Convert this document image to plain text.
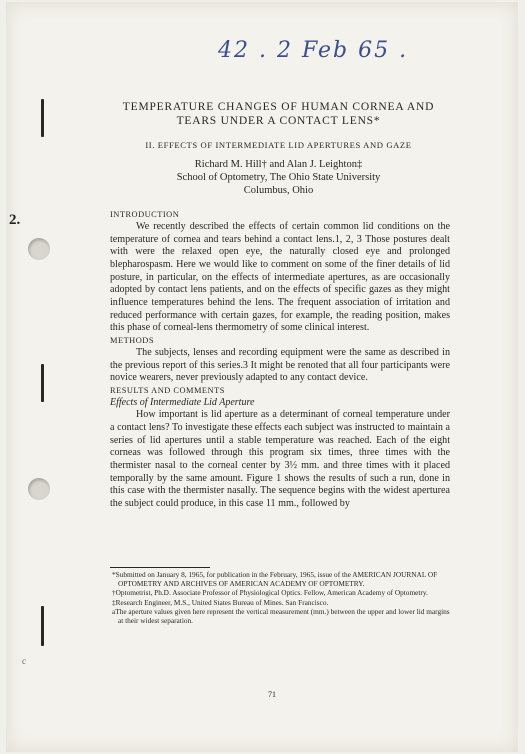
2.
c
42 . 2 Feb 65 .
TEMPERATURE CHANGES OF HUMAN CORNEA AND TEARS UNDER A CONTACT LENS*
II. EFFECTS OF INTERMEDIATE LID APERTURES AND GAZE
Richard M. Hill† and Alan J. Leighton‡
School of Optometry, The Ohio State University
Columbus, Ohio
INTRODUCTION

We recently described the effects of certain common lid conditions on the temperature of cornea and tears behind a contact lens.1, 2, 3 Those postures dealt with were the relaxed open eye, the naturally closed eye and prolonged blepharospasm. Here we would like to comment on some of the finer details of lid posture, in particular, on the effects of intermediate apertures, as are occasionally adopted by contact lens patients, and on the effects of specific gazes as they might influence temperatures behind the lens. The frequent association of irritation and reduced performance with certain gazes, for example, the reading position, makes this phase of corneal-lens thermometry of some clinical interest.

METHODS

The subjects, lenses and recording equipment were the same as described in the previous report of this series.3 It might be renoted that all four participants were novice wearers, never previously adapted to any contact device.

RESULTS AND COMMENTS
Effects of Intermediate Lid Aperture

How important is lid aperture as a determinant of corneal temperature under a contact lens? To investigate these effects each subject was instructed to maintain a series of lid apertures until a stable temperature was reached. Each of the eight corneas was followed through this program six times, three times with the thermister nasal to the corneal center by 3½ mm. and three times with it placed temporally by the same amount. Figure 1 shows the results of such a run, done in this case with the thermister nasally. The sequence begins with the widest aperturea the subject could produce, in this case 11 mm., followed by

*Submitted on January 8, 1965, for publication in the February, 1965, issue of the AMERICAN JOURNAL OF OPTOMETRY AND ARCHIVES OF AMERICAN ACADEMY OF OPTOMETRY.

†Optometrist, Ph.D. Associate Professor of Physiological Optics. Fellow, American Academy of Optometry.

‡Research Engineer, M.S., United States Bureau of Mines. San Francisco.

aThe aperture values given here represent the vertical measurement (mm.) between the upper and lower lid margins at their widest separation.

71
